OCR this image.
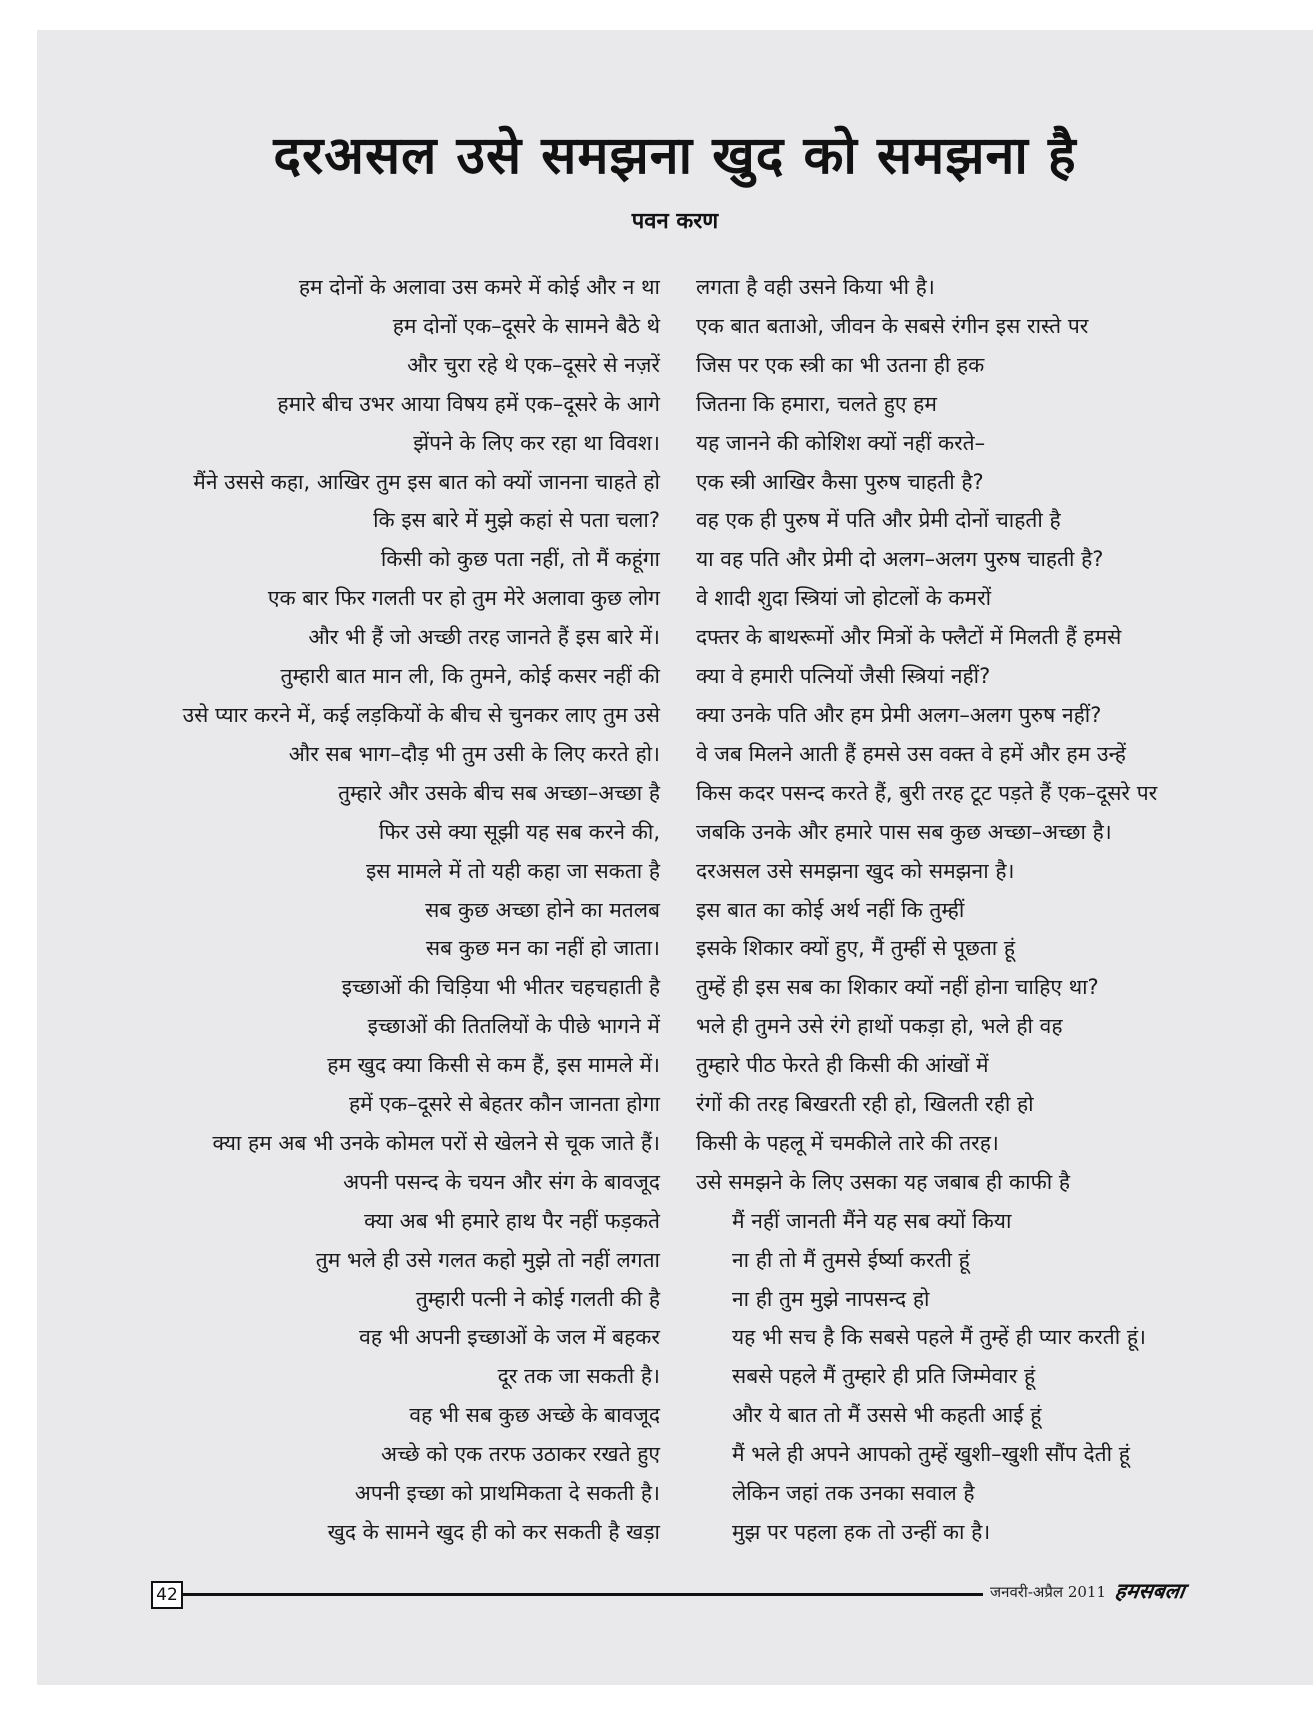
दरअसल उसे समझना खुद को समझना है
पवन करण
हम दोनों के अलावा उस कमरे में कोई और न था
हम दोनों एक–दूसरे के सामने बैठे थे
और चुरा रहे थे एक–दूसरे से नज़रें
हमारे बीच उभर आया विषय हमें एक–दूसरे के आगे
झेंपने के लिए कर रहा था विवश।
मैंने उससे कहा, आखिर तुम इस बात को क्यों जानना चाहते हो
कि इस बारे में मुझे कहां से पता चला?
किसी को कुछ पता नहीं, तो मैं कहूंगा
एक बार फिर गलती पर हो तुम मेरे अलावा कुछ लोग
और भी हैं जो अच्छी तरह जानते हैं इस बारे में।
तुम्हारी बात मान ली, कि तुमने, कोई कसर नहीं की
उसे प्यार करने में, कई लड़कियों के बीच से चुनकर लाए तुम उसे
और सब भाग–दौड़ भी तुम उसी के लिए करते हो।
तुम्हारे और उसके बीच सब अच्छा–अच्छा है
फिर उसे क्या सूझी यह सब करने की,
इस मामले में तो यही कहा जा सकता है
सब कुछ अच्छा होने का मतलब
सब कुछ मन का नहीं हो जाता।
इच्छाओं की चिड़िया भी भीतर चहचहाती है
इच्छाओं की तितलियों के पीछे भागने में
हम खुद क्या किसी से कम हैं, इस मामले में।
हमें एक–दूसरे से बेहतर कौन जानता होगा
क्या हम अब भी उनके कोमल परों से खेलने से चूक जाते हैं।
अपनी पसन्द के चयन और संग के बावजूद
क्या अब भी हमारे हाथ पैर नहीं फड़कते
तुम भले ही उसे गलत कहो मुझे तो नहीं लगता
तुम्हारी पत्नी ने कोई गलती की है
वह भी अपनी इच्छाओं के जल में बहकर
दूर तक जा सकती है।
वह भी सब कुछ अच्छे के बावजूद
अच्छे को एक तरफ उठाकर रखते हुए
अपनी इच्छा को प्राथमिकता दे सकती है।
खुद के सामने खुद ही को कर सकती है खड़ा
लगता है वही उसने किया भी है।
एक बात बताओ, जीवन के सबसे रंगीन इस रास्ते पर
जिस पर एक स्त्री का भी उतना ही हक
जितना कि हमारा, चलते हुए हम
यह जानने की कोशिश क्यों नहीं करते–
एक स्त्री आखिर कैसा पुरुष चाहती है?
वह एक ही पुरुष में पति और प्रेमी दोनों चाहती है
या वह पति और प्रेमी दो अलग–अलग पुरुष चाहती है?
वे शादी शुदा स्त्रियां जो होटलों के कमरों
दफ्तर के बाथरूमों और मित्रों के फ्लैटों में मिलती हैं हमसे
क्या वे हमारी पत्नियों जैसी स्त्रियां नहीं?
क्या उनके पति और हम प्रेमी अलग–अलग पुरुष नहीं?
वे जब मिलने आती हैं हमसे उस वक्त वे हमें और हम उन्हें
किस कदर पसन्द करते हैं, बुरी तरह टूट पड़ते हैं एक–दूसरे पर
जबकि उनके और हमारे पास सब कुछ अच्छा–अच्छा है।
दरअसल उसे समझना खुद को समझना है।
इस बात का कोई अर्थ नहीं कि तुम्हीं
इसके शिकार क्यों हुए, मैं तुम्हीं से पूछता हूं
तुम्हें ही इस सब का शिकार क्यों नहीं होना चाहिए था?
भले ही तुमने उसे रंगे हाथों पकड़ा हो, भले ही वह
तुम्हारे पीठ फेरते ही किसी की आंखों में
रंगों की तरह बिखरती रही हो, खिलती रही हो
किसी के पहलू में चमकीले तारे की तरह।
उसे समझने के लिए उसका यह जबाब ही काफी है
मैं नहीं जानती मैंने यह सब क्यों किया
ना ही तो मैं तुमसे ईर्ष्या करती हूं
ना ही तुम मुझे नापसन्द हो
यह भी सच है कि सबसे पहले मैं तुम्हें ही प्यार करती हूं।
सबसे पहले मैं तुम्हारे ही प्रति जिम्मेवार हूं
और ये बात तो मैं उससे भी कहती आई हूं
मैं भले ही अपने आपको तुम्हें खुशी–खुशी सौंप देती हूं
लेकिन जहां तक उनका सवाल है
मुझ पर पहला हक तो उन्हीं का है।
42	जनवरी-अप्रैल 2011 हमसबला
